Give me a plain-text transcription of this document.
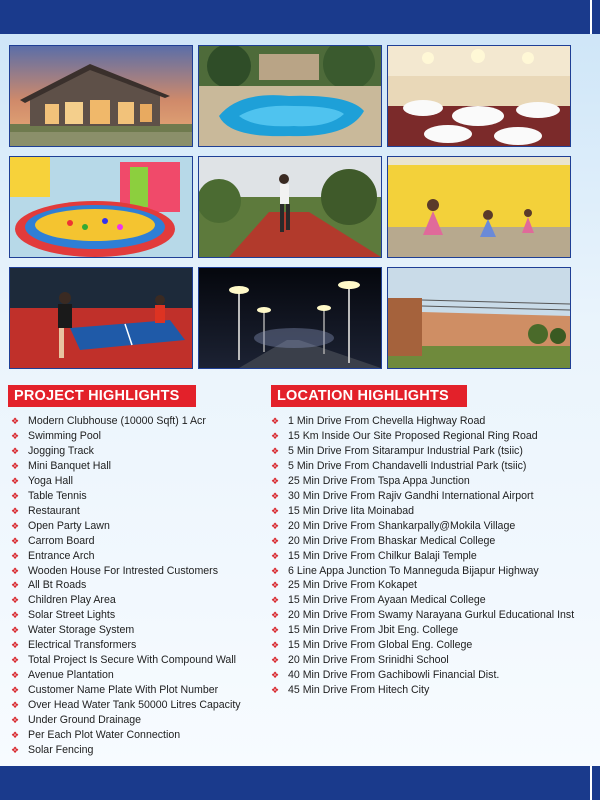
PROJECT HIGHLIGHTS	LOCATION HIGHLIGHTS
❖ Modern Clubhouse (10000 Sqft) 1 Acr
❖ Swimming Pool
❖ Jogging Track
❖ Mini Banquet Hall
❖ Yoga Hall
❖ Table Tennis
❖ Restaurant
❖ Open Party Lawn
❖ Carrom Board
❖ Entrance Arch
❖ Wooden House For Intrested Customers
❖ All Bt Roads
❖ Children Play Area
❖ Solar Street Lights
❖ Water Storage System
❖ Electrical Transformers
❖ Total Project Is Secure With Compound Wall
❖ Avenue Plantation
❖ Customer Name Plate With Plot Number
❖ Over Head Water Tank 50000 Litres Capacity
❖ Under Ground Drainage
❖ Per Each Plot Water Connection
❖ Solar Fencing
❖ 1 Min Drive From Chevella Highway Road
❖ 15 Km Inside Our Site Proposed Regional Ring Road
❖ 5 Min Drive From Sitarampur Industrial Park (tsiic)
❖ 5 Min Drive From Chandavelli Industrial Park (tsiic)
❖ 25 Min Drive From Tspa Appa Junction
❖ 30 Min Drive From Rajiv Gandhi International Airport
❖ 15 Min Drive Iita Moinabad
❖ 20 Min Drive From Shankarpally@Mokila Village
❖ 20 Min Drive From Bhaskar Medical College
❖ 15 Min Drive From Chilkur Balaji Temple
❖ 6 Line Appa Junction To Manneguda Bijapur Highway
❖ 25 Min Drive From Kokapet
❖ 15 Min Drive From Ayaan Medical College
❖ 20 Min Drive From Swamy Narayana Gurkul Educational Inst
❖ 15 Min Drive From Jbit Eng. College
❖ 15 Min Drive From Global Eng. College
❖ 20 Min Drive From Srinidhi School
❖ 40 Min Drive From Gachibowli Financial Dist.
❖ 45 Min Drive From Hitech City
